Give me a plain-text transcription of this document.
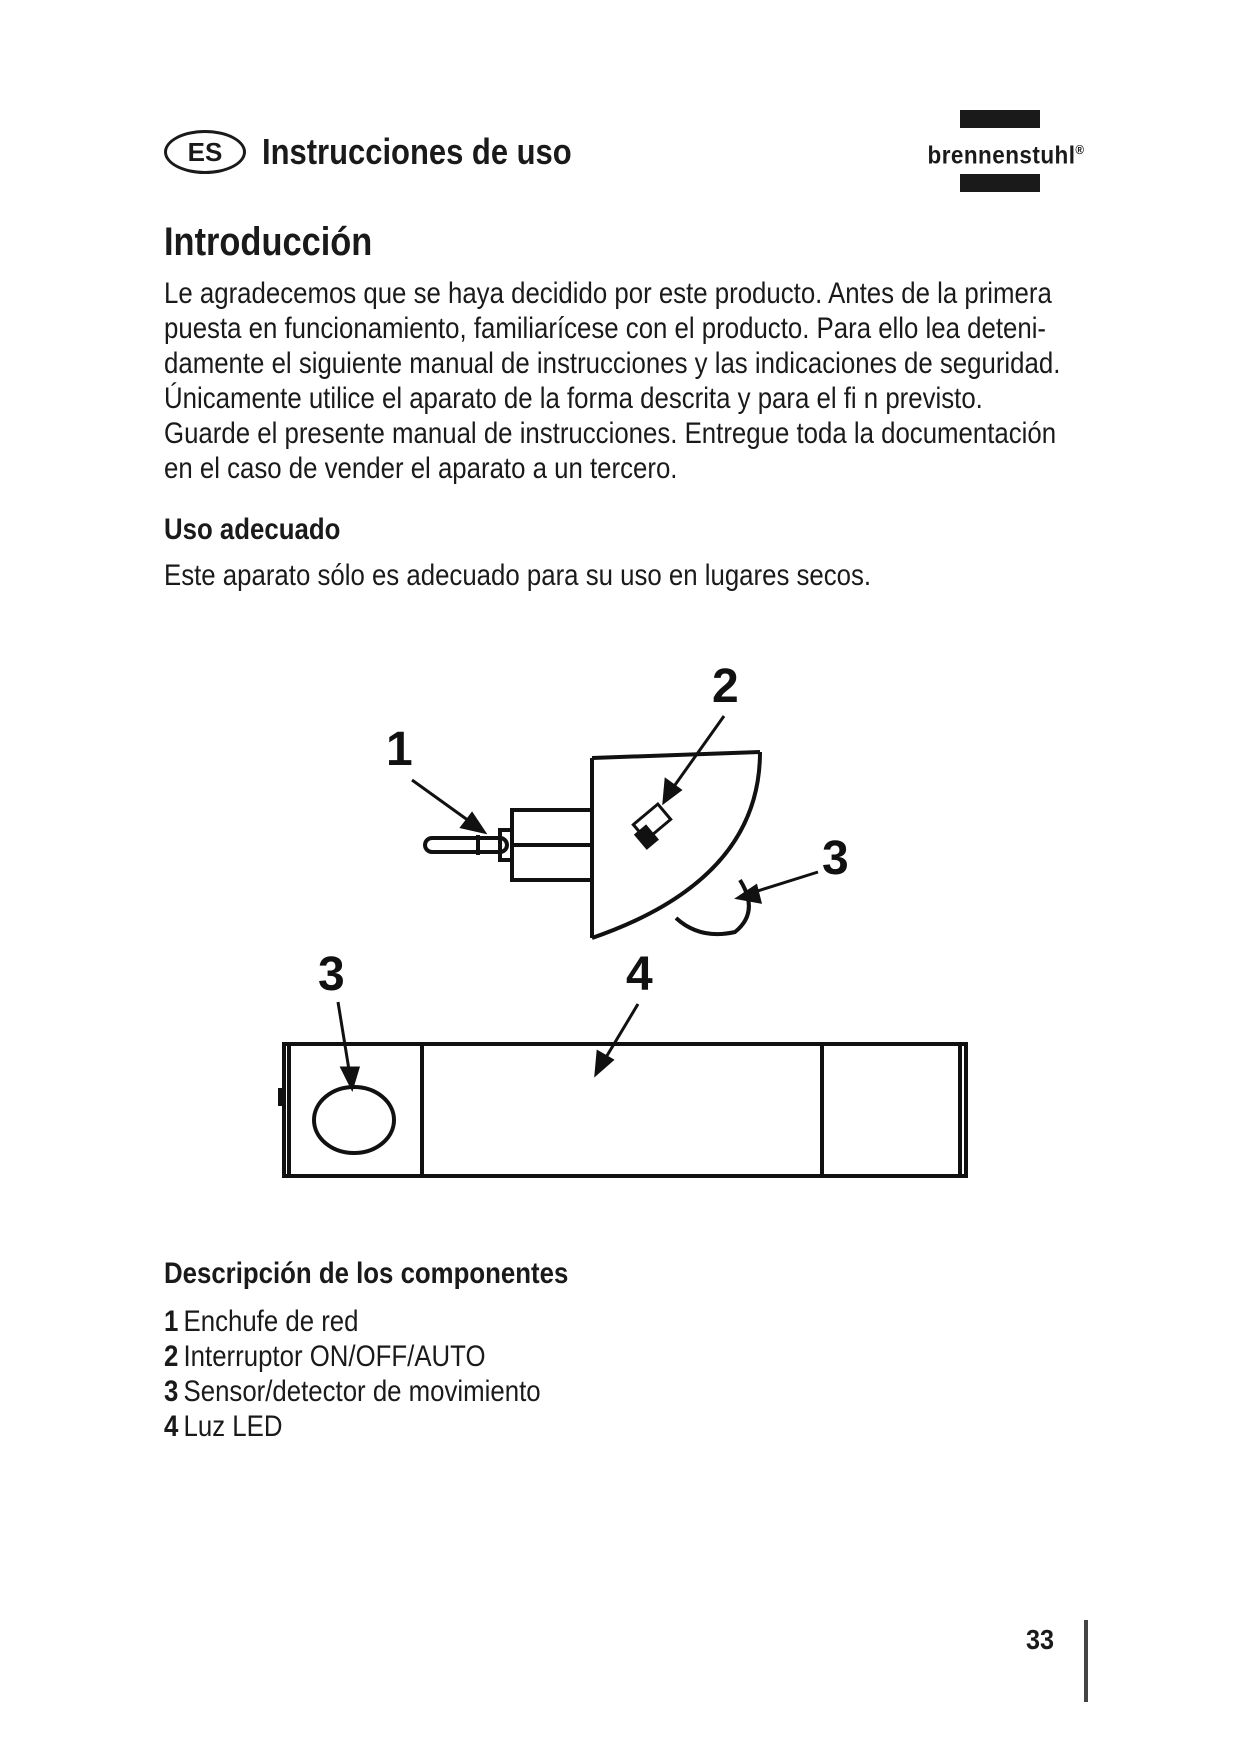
ES	Instrucciones de uso	brennenstuhl®
Introducción

Le agradecemos que se haya decidido por este producto. Antes de la primera
puesta en funcionamiento, familiarícese con el producto. Para ello lea deteni-
damente el siguiente manual de instrucciones y las indicaciones de seguridad.
Únicamente utilice el aparato de la forma descrita y para el fi n previsto.
Guarde el presente manual de instrucciones. Entregue toda la documentación
en el caso de vender el aparato a un tercero.

Uso adecuado

Este aparato sólo es adecuado para su uso en lugares secos.

1
2
3
3	4
Descripción de los componentes
1 Enchufe de red
2 Interruptor ON/OFF/AUTO
3 Sensor/detector de movimiento
4 Luz LED
33
